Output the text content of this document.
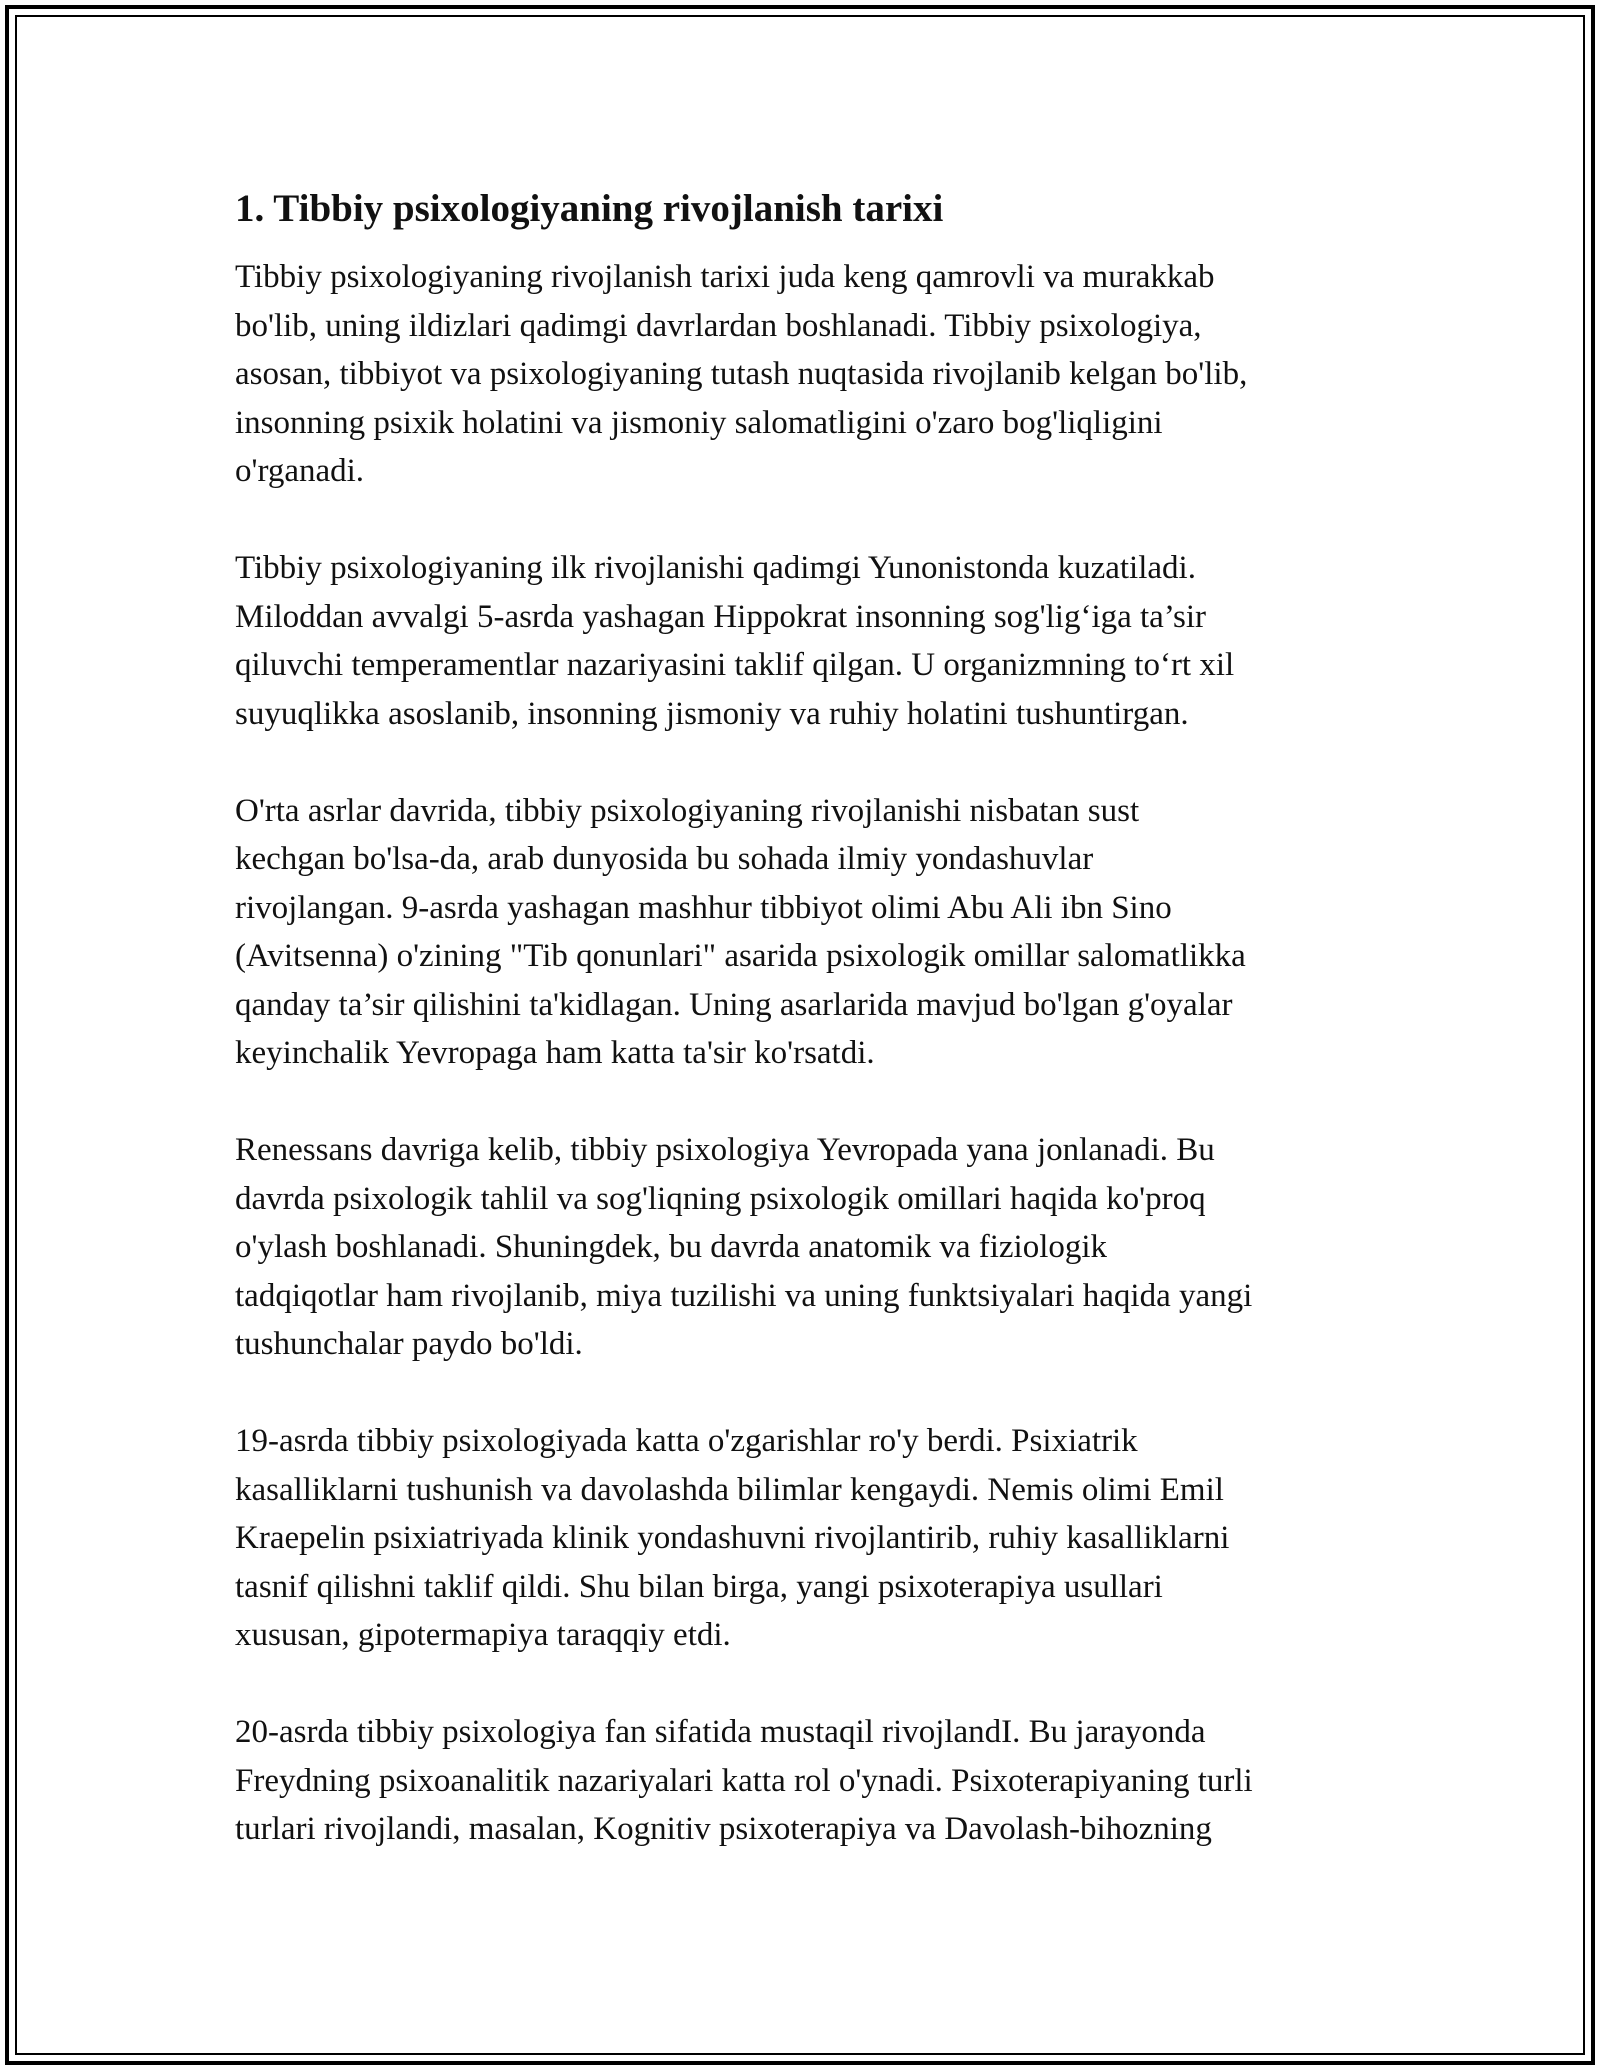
1. Tibbiy psixologiyaning rivojlanish tarixi

Tibbiy psixologiyaning rivojlanish tarixi juda keng qamrovli va murakkab
bo'lib, uning ildizlari qadimgi davrlardan boshlanadi. Tibbiy psixologiya,
asosan, tibbiyot va psixologiyaning tutash nuqtasida rivojlanib kelgan bo'lib,
insonning psixik holatini va jismoniy salomatligini o'zaro bog'liqligini
o'rganadi.

Tibbiy psixologiyaning ilk rivojlanishi qadimgi Yunonistonda kuzatiladi.
Miloddan avvalgi 5-asrda yashagan Hippokrat insonning sog'lig‘iga ta’sir
qiluvchi temperamentlar nazariyasini taklif qilgan. U organizmning to‘rt xil
suyuqlikka asoslanib, insonning jismoniy va ruhiy holatini tushuntirgan.

O'rta asrlar davrida, tibbiy psixologiyaning rivojlanishi nisbatan sust
kechgan bo'lsa-da, arab dunyosida bu sohada ilmiy yondashuvlar
rivojlangan. 9-asrda yashagan mashhur tibbiyot olimi Abu Ali ibn Sino
(Avitsenna) o'zining "Tib qonunlari" asarida psixologik omillar salomatlikka
qanday ta’sir qilishini ta'kidlagan. Uning asarlarida mavjud bo'lgan g'oyalar
keyinchalik Yevropaga ham katta ta'sir ko'rsatdi.

Renessans davriga kelib, tibbiy psixologiya Yevropada yana jonlanadi. Bu
davrda psixologik tahlil va sog'liqning psixologik omillari haqida ko'proq
o'ylash boshlanadi. Shuningdek, bu davrda anatomik va fiziologik
tadqiqotlar ham rivojlanib, miya tuzilishi va uning funktsiyalari haqida yangi
tushunchalar paydo bo'ldi.

19-asrda tibbiy psixologiyada katta o'zgarishlar ro'y berdi. Psixiatrik
kasalliklarni tushunish va davolashda bilimlar kengaydi. Nemis olimi Emil
Kraepelin psixiatriyada klinik yondashuvni rivojlantirib, ruhiy kasalliklarni
tasnif qilishni taklif qildi. Shu bilan birga, yangi psixoterapiya usullari
xususan, gipotermapiya taraqqiy etdi.

20-asrda tibbiy psixologiya fan sifatida mustaqil rivojlandI. Bu jarayonda
Freydning psixoanalitik nazariyalari katta rol o'ynadi. Psixoterapiyaning turli
turlari rivojlandi, masalan, Kognitiv psixoterapiya va Davolash-bihozning
